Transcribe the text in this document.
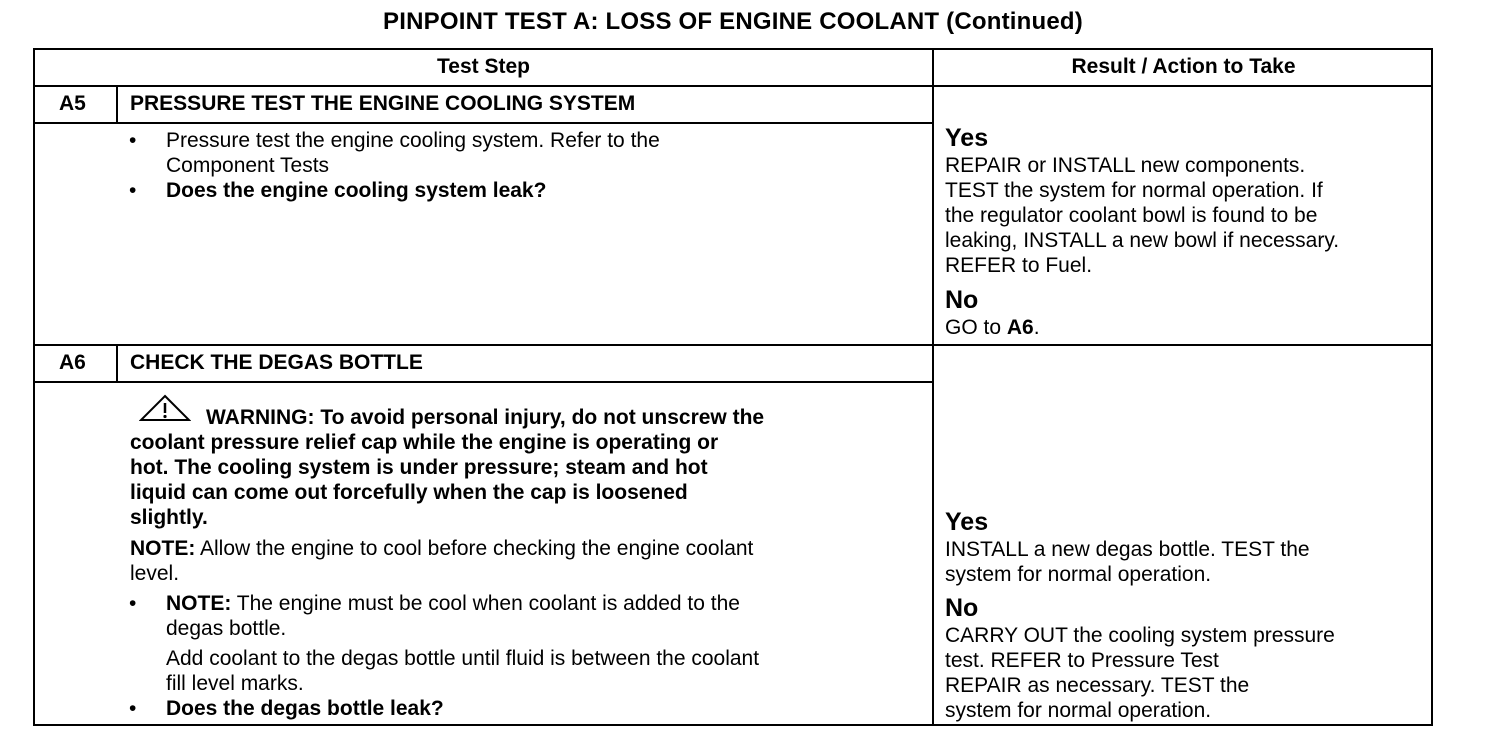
PINPOINT TEST A: LOSS OF ENGINE COOLANT (Continued)
Test Step	Result / Action to Take
A5 PRESSURE TEST THE ENGINE COOLING SYSTEM
• Pressure test the engine cooling system. Refer to the
Component Tests
• Does the engine cooling system leak?
Yes
REPAIR or INSTALL new components.
TEST the system for normal operation. If
the regulator coolant bowl is found to be
leaking, INSTALL a new bowl if necessary.
REFER to Fuel.
No
GO to A6.
A6 CHECK THE DEGAS BOTTLE
WARNING: To avoid personal injury, do not unscrew the
coolant pressure relief cap while the engine is operating or
hot. The cooling system is under pressure; steam and hot
liquid can come out forcefully when the cap is loosened
slightly.
NOTE: Allow the engine to cool before checking the engine coolant
level.
• NOTE: The engine must be cool when coolant is added to the
degas bottle.
Add coolant to the degas bottle until fluid is between the coolant
fill level marks.
• Does the degas bottle leak?
Yes
INSTALL a new degas bottle. TEST the
system for normal operation.
No
CARRY OUT the cooling system pressure
test. REFER to Pressure Test
REPAIR as necessary. TEST the
system for normal operation.
